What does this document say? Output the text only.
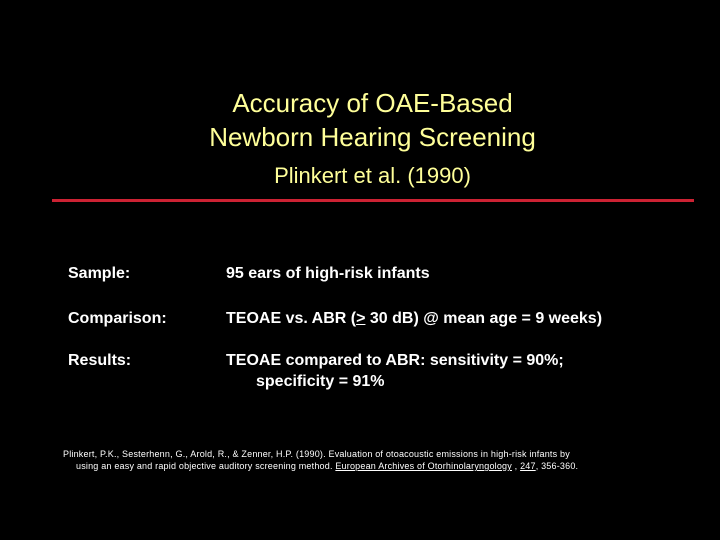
Accuracy of OAE-Based
Newborn Hearing Screening
Plinkert et al. (1990)
Sample:	95 ears of high-risk infants
Comparison:	TEOAE vs. ABR (≥ 30 dB) @ mean age = 9 weeks)
Results:	TEOAE compared to ABR: sensitivity = 90%;
specificity = 91%
Plinkert, P.K., Sesterhenn, G., Arold, R., & Zenner, H.P. (1990). Evaluation of otoacoustic emissions in high-risk infants by
using an easy and rapid objective auditory screening method. European Archives of Otorhinolaryngology , 247, 356-360.
